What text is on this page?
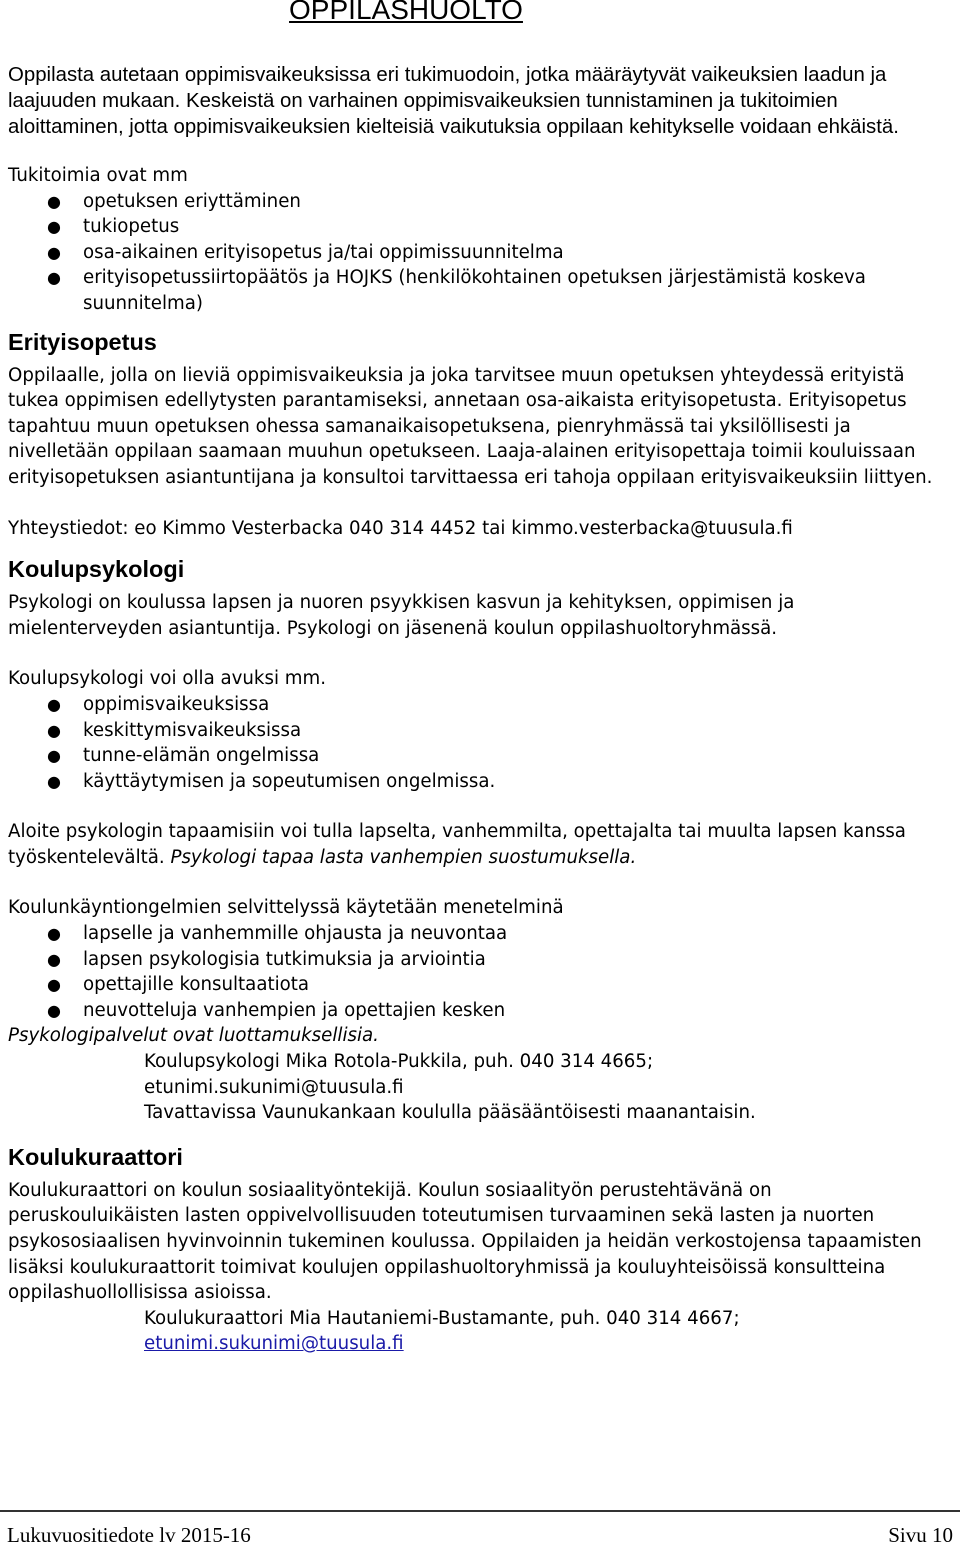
OPPILASHUOLTO

Oppilasta autetaan oppimisvaikeuksissa eri tukimuodoin, jotka määräytyvät vaikeuksien laadun ja laajuuden mukaan. Keskeistä on varhainen oppimisvaikeuksien tunnistaminen ja tukitoimien aloittaminen, jotta oppimisvaikeuksien kielteisiä vaikutuksia oppilaan kehitykselle voidaan ehkäistä.

Tukitoimia ovat mm

● opetuksen eriyttäminen
● tukiopetus
● osa-aikainen erityisopetus ja/tai oppimissuunnitelma
● erityisopetussiirtopäätös ja HOJKS (henkilökohtainen opetuksen järjestämistä koskeva suunnitelma)
Erityisopetus

Oppilaalle, jolla on lieviä oppimisvaikeuksia ja joka tarvitsee muun opetuksen yhteydessä erityistä tukea oppimisen edellytysten parantamiseksi, annetaan osa-aikaista erityisopetusta. Erityisopetus tapahtuu muun opetuksen ohessa samanaikaisopetuksena, pienryhmässä tai yksilöllisesti ja nivelletään oppilaan saamaan muuhun opetukseen. Laaja-alainen erityisopettaja toimii kouluissaan erityisopetuksen asiantuntijana ja konsultoi tarvittaessa eri tahoja oppilaan erityisvaikeuksiin liittyen.

Yhteystiedot: eo Kimmo Vesterbacka 040 314 4452 tai kimmo.vesterbacka@tuusula.fi

Koulupsykologi

Psykologi on koulussa lapsen ja nuoren psyykkisen kasvun ja kehityksen, oppimisen ja mielenterveyden asiantuntija. Psykologi on jäsenenä koulun oppilashuoltoryhmässä.

Koulupsykologi voi olla avuksi mm.

● oppimisvaikeuksissa
● keskittymisvaikeuksissa
● tunne-elämän ongelmissa
● käyttäytymisen ja sopeutumisen ongelmissa.

Aloite psykologin tapaamisiin voi tulla lapselta, vanhemmilta, opettajalta tai muulta lapsen kanssa työskentelevältä. Psykologi tapaa lasta vanhempien suostumuksella.

Koulunkäyntiongelmien selvittelyssä käytetään menetelminä

● lapselle ja vanhemmille ohjausta ja neuvontaa
● lapsen psykologisia tutkimuksia ja arviointia
● opettajille konsultaatiota
● neuvotteluja vanhempien ja opettajien kesken

Psykologipalvelut ovat luottamuksellisia.

Koulupsykologi Mika Rotola-Pukkila, puh. 040 314 4665;

etunimi.sukunimi@tuusula.fi

Tavattavissa Vaunukankaan koululla pääsääntöisesti maanantaisin.

Koulukuraattori

Koulukuraattori on koulun sosiaalityöntekijä. Koulun sosiaalityön perustehtävänä on peruskouluikäisten lasten oppivelvollisuuden toteutumisen turvaaminen sekä lasten ja nuorten psykososiaalisen hyvinvoinnin tukeminen koulussa. Oppilaiden ja heidän verkostojensa tapaamisten lisäksi koulukuraattorit toimivat koulujen oppilashuoltoryhmissä ja kouluyhteisöissä konsultteina oppilashuollollisissa asioissa.

Koulukuraattori Mia Hautaniemi-Bustamante, puh. 040 314 4667;

etunimi.sukunimi@tuusula.fi

Lukuvuositiedote lv 2015-16	Sivu 10
